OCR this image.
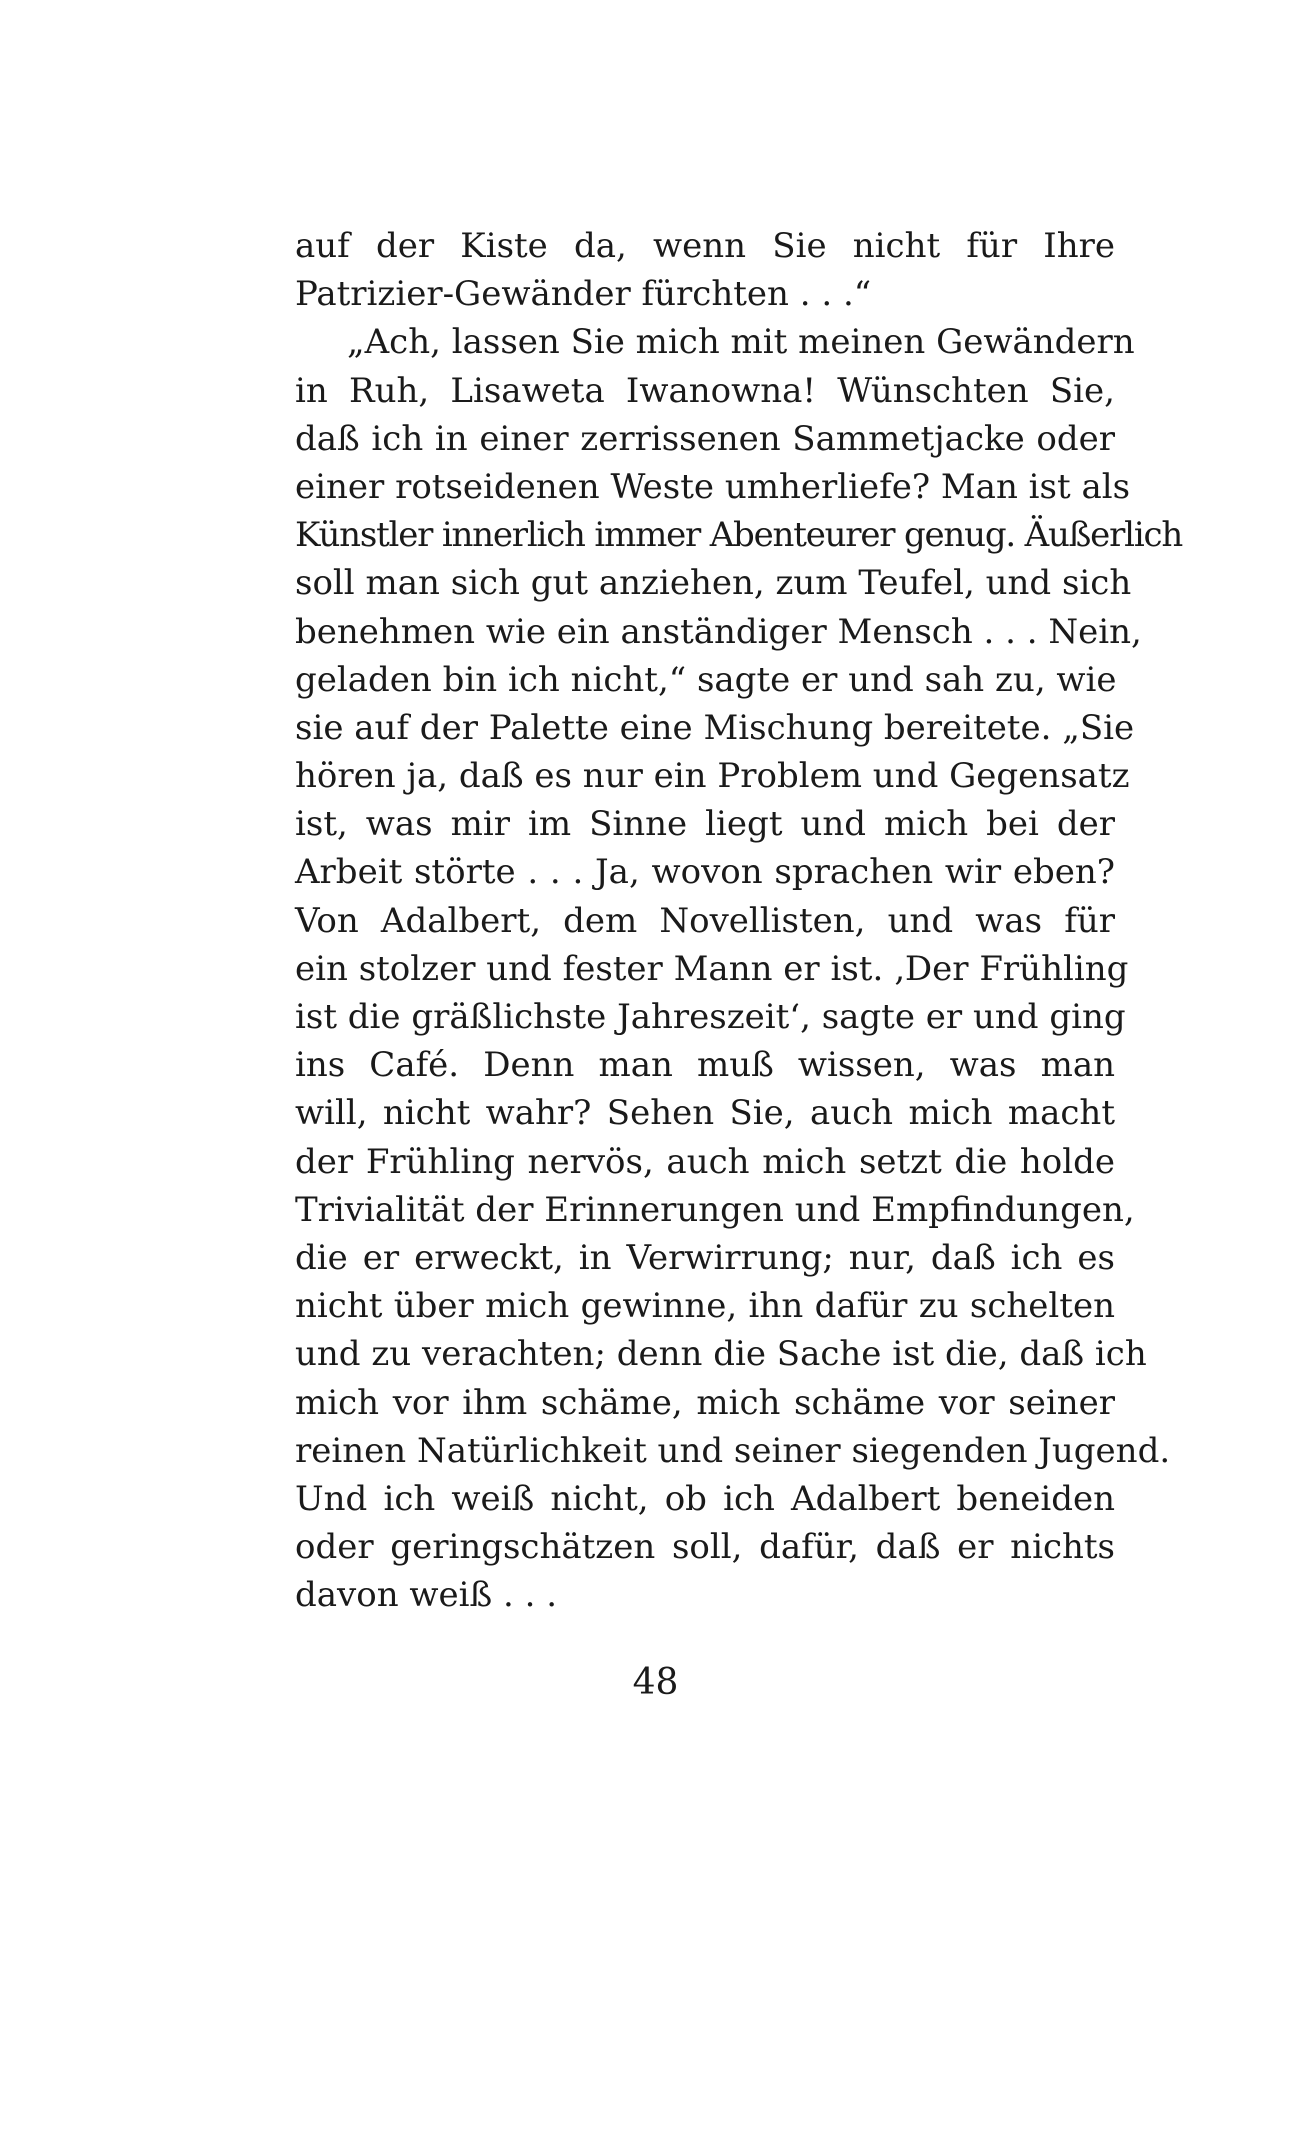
auf der Kiste da, wenn Sie nicht für Ihre
Patrizier-Gewänder fürchten . . .“
„Ach, lassen Sie mich mit meinen Gewändern
in Ruh, Lisaweta Iwanowna! Wünschten Sie,
daß ich in einer zerrissenen Sammetjacke oder
einer rotseidenen Weste umherliefe? Man ist als
Künstler innerlich immer Abenteurer genug. Äußerlich
soll man sich gut anziehen, zum Teufel, und sich
benehmen wie ein anständiger Mensch . . . Nein,
geladen bin ich nicht,“ sagte er und sah zu, wie
sie auf der Palette eine Mischung bereitete. „Sie
hören ja, daß es nur ein Problem und Gegensatz
ist, was mir im Sinne liegt und mich bei der
Arbeit störte . . . Ja, wovon sprachen wir eben?
Von Adalbert, dem Novellisten, und was für
ein stolzer und fester Mann er ist. ‚Der Frühling
ist die gräßlichste Jahreszeit‘, sagte er und ging
ins Café. Denn man muß wissen, was man
will, nicht wahr? Sehen Sie, auch mich macht
der Frühling nervös, auch mich setzt die holde
Trivialität der Erinnerungen und Empfindungen,
die er erweckt, in Verwirrung; nur, daß ich es
nicht über mich gewinne, ihn dafür zu schelten
und zu verachten; denn die Sache ist die, daß ich
mich vor ihm schäme, mich schäme vor seiner
reinen Natürlichkeit und seiner siegenden Jugend.
Und ich weiß nicht, ob ich Adalbert beneiden
oder geringschätzen soll, dafür, daß er nichts
davon weiß . . .
48
